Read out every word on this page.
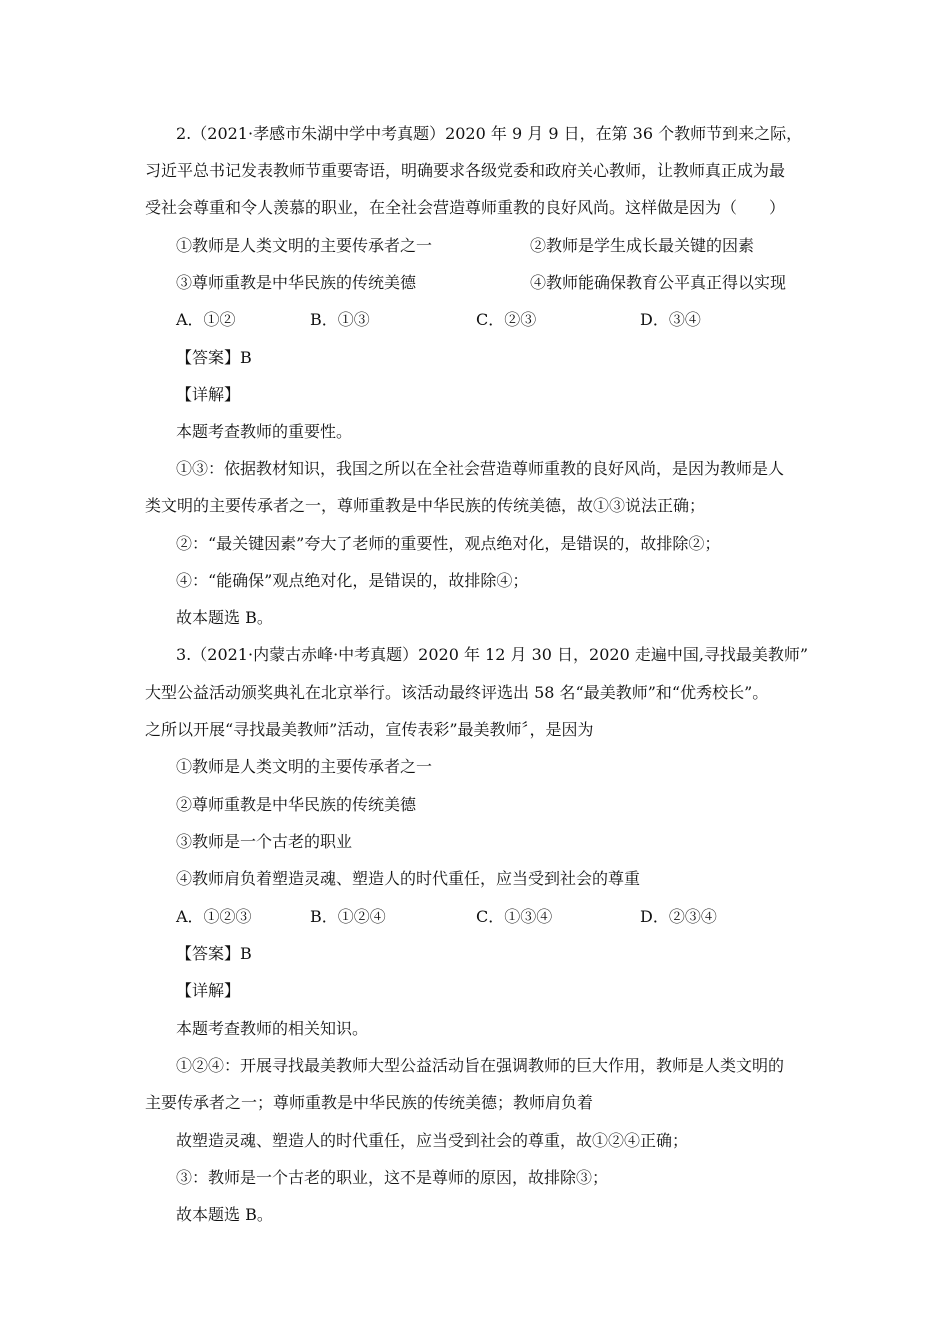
2.（2021·孝感市朱湖中学中考真题）2020 年 9 月 9 日，在第 36 个教师节到来之际，
习近平总书记发表教师节重要寄语，明确要求各级党委和政府关心教师，让教师真正成为最
受社会尊重和令人羡慕的职业，在全社会营造尊师重教的良好风尚。这样做是因为（　　）
①教师是人类文明的主要传承者之一	②教师是学生成长最关键的因素
③尊师重教是中华民族的传统美德	④教师能确保教育公平真正得以实现
A．①②	B．①③	C．②③	D．③④
【答案】B
【详解】
本题考查教师的重要性。
①③：依据教材知识，我国之所以在全社会营造尊师重教的良好风尚，是因为教师是人
类文明的主要传承者之一，尊师重教是中华民族的传统美德，故①③说法正确；
②：“最关键因素”夸大了老师的重要性，观点绝对化，是错误的，故排除②；
④：“能确保”观点绝对化，是错误的，故排除④；
故本题选 B。
3.（2021·内蒙古赤峰·中考真题）2020 年 12 月 30 日，2020 走遍中国,寻找最美教师”
大型公益活动颁奖典礼在北京举行。该活动最终评选出 58 名“最美教师”和“优秀校长”。
之所以开展“寻找最美教师”活动，宣传表彩”最美教师〞，是因为
①教师是人类文明的主要传承者之一
②尊师重教是中华民族的传统美德
③教师是一个古老的职业
④教师肩负着塑造灵魂、塑造人的时代重任，应当受到社会的尊重
A．①②③	B．①②④	C．①③④	D．②③④
【答案】B
【详解】
本题考查教师的相关知识。
①②④：开展寻找最美教师大型公益活动旨在强调教师的巨大作用，教师是人类文明的
主要传承者之一；尊师重教是中华民族的传统美德；教师肩负着
故塑造灵魂、塑造人的时代重任，应当受到社会的尊重，故①②④正确；
③：教师是一个古老的职业，这不是尊师的原因，故排除③；
故本题选 B。
